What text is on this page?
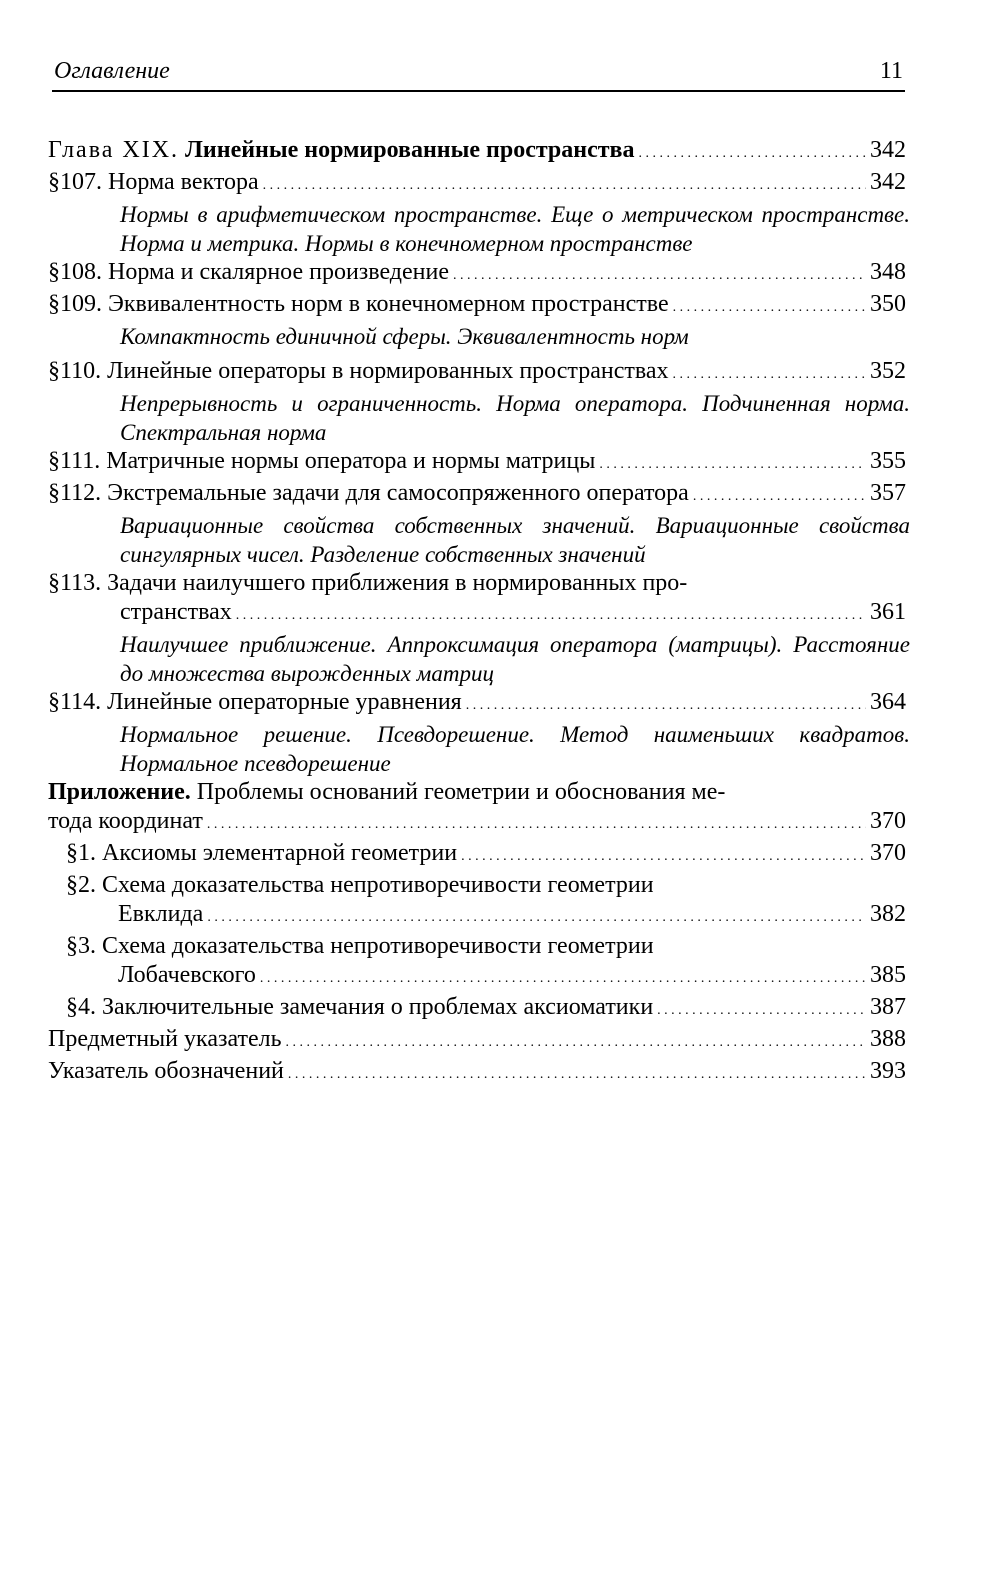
Оглавление	11
Глава XIX. Линейные нормированные пространства . . .	342
§107. Норма вектора . . .	342
Нормы в арифметическом пространстве. Еще о метрическом пространстве. Норма и метрика. Нормы в конечномерном пространстве
§108. Норма и скалярное произведение . . .	348
§109. Эквивалентность норм в конечномерном пространстве . . .	350
Компактность единичной сферы. Эквивалентность норм
§110. Линейные операторы в нормированных пространствах . . .	352
Непрерывность и ограниченность. Норма оператора. Подчиненная норма. Спектральная норма
§111. Матричные нормы оператора и нормы матрицы . . .	355
§112. Экстремальные задачи для самосопряженного оператора . . .	357
Вариационные свойства собственных значений. Вариационные свойства сингулярных чисел. Разделение собственных значений
§113. Задачи наилучшего приближения в нормированных про-
странствах . . .	361
Наилучшее приближение. Аппроксимация оператора (матрицы). Расстояние до множества вырожденных матриц
§114. Линейные операторные уравнения . . .	364
Нормальное решение. Псевдорешение. Метод наименьших квадратов. Нормальное псевдорешение
Приложение. Проблемы оснований геометрии и обоснования ме-
тода координат . . .	370
§1. Аксиомы элементарной геометрии . . .	370
§2. Схема доказательства непротиворечивости геометрии
Евклида . . .	382
§3. Схема доказательства непротиворечивости геометрии
Лобачевского . . .	385
§4. Заключительные замечания о проблемах аксиоматики . . .	387
Предметный указатель . . .	388
Указатель обозначений . . .	393
